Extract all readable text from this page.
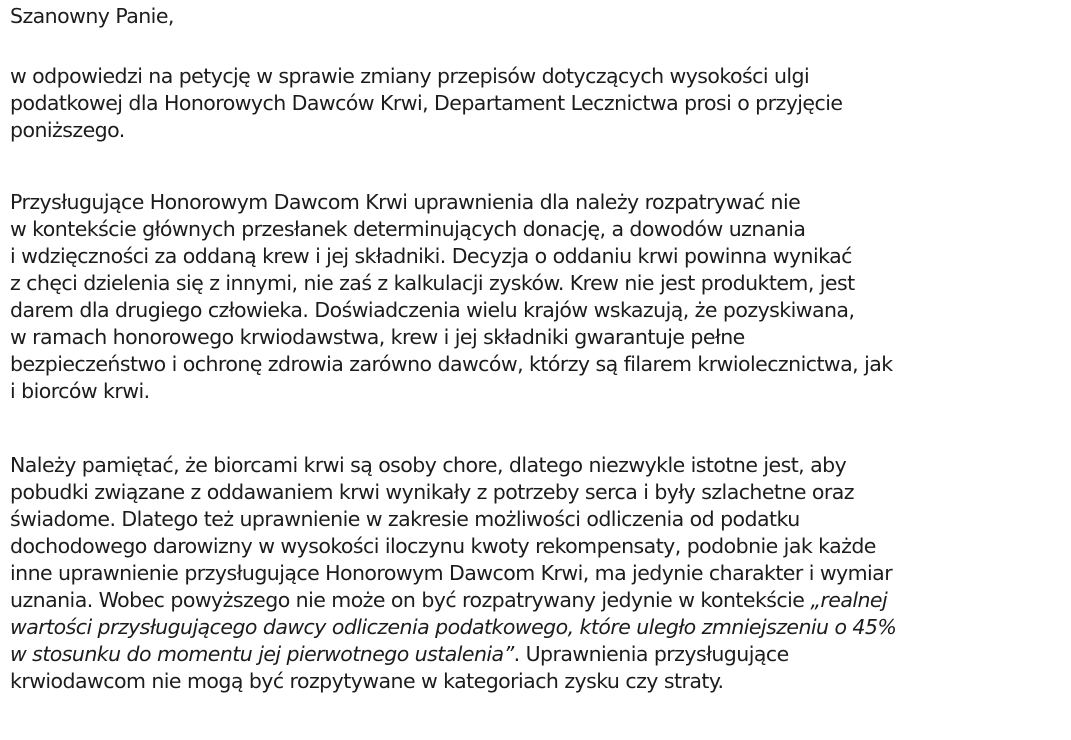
Szanowny Panie,
w odpowiedzi na petycję w sprawie zmiany przepisów dotyczących wysokości ulgi
podatkowej dla Honorowych Dawców Krwi, Departament Lecznictwa prosi o przyjęcie
poniższego.
Przysługujące Honorowym Dawcom Krwi uprawnienia dla należy rozpatrywać nie
w kontekście głównych przesłanek determinujących donację, a dowodów uznania
i wdzięczności za oddaną krew i jej składniki. Decyzja o oddaniu krwi powinna wynikać
z chęci dzielenia się z innymi, nie zaś z kalkulacji zysków. Krew nie jest produktem, jest
darem dla drugiego człowieka. Doświadczenia wielu krajów wskazują, że pozyskiwana,
w ramach honorowego krwiodawstwa, krew i jej składniki gwarantuje pełne
bezpieczeństwo i ochronę zdrowia zarówno dawców, którzy są filarem krwiolecznictwa, jak
i biorców krwi.
Należy pamiętać, że biorcami krwi są osoby chore, dlatego niezwykle istotne jest, aby
pobudki związane z oddawaniem krwi wynikały z potrzeby serca i były szlachetne oraz
świadome. Dlatego też uprawnienie w zakresie możliwości odliczenia od podatku
dochodowego darowizny w wysokości iloczynu kwoty rekompensaty, podobnie jak każde
inne uprawnienie przysługujące Honorowym Dawcom Krwi, ma jedynie charakter i wymiar
uznania. Wobec powyższego nie może on być rozpatrywany jedynie w kontekście „realnej
wartości przysługującego dawcy odliczenia podatkowego, które uległo zmniejszeniu o 45%
w stosunku do momentu jej pierwotnego ustalenia”. Uprawnienia przysługujące
krwiodawcom nie mogą być rozpytywane w kategoriach zysku czy straty.
